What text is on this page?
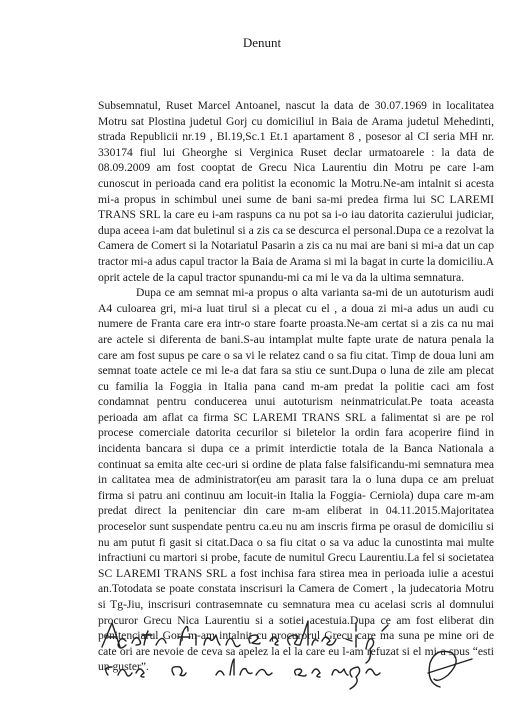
Denunt

Subsemnatul, Ruset Marcel Antoanel, nascut la data de 30.07.1969 in localitatea Motru sat Plostina judetul Gorj cu domiciliul in Baia de Arama judetul Mehedinti, strada Republicii nr.19 , Bl.19,Sc.1 Et.1 apartament 8 , posesor al CI seria MH nr. 330174 fiul lui Gheorghe si Verginica Ruset declar urmatoarele : la data de 08.09.2009 am fost cooptat de Grecu Nica Laurentiu din Motru pe care l-am cunoscut in perioada cand era politist la economic la Motru.Ne-am intalnit si acesta mi-a propus in schimbul unei sume de bani sa-mi predea firma lui SC LAREMI TRANS SRL la care eu i-am raspuns ca nu pot sa i-o iau datorita cazierului judiciar, dupa aceea i-am dat buletinul si a zis ca se descurca el personal.Dupa ce a rezolvat la Camera de Comert si la Notariatul Pasarin a zis ca nu mai are bani si mi-a dat un cap tractor mi-a adus capul tractor la Baia de Arama si mi la bagat in curte la domiciliu.A oprit actele de la capul tractor spunandu-mi ca mi le va da la ultima semnatura.

Dupa ce am semnat mi-a propus o alta varianta sa-mi de un autoturism audi A4 culoarea gri, mi-a luat tirul si a plecat cu el , a doua zi mi-a adus un audi cu numere de Franta care era intr-o stare foarte proasta.Ne-am certat si a zis ca nu mai are actele si diferenta de bani.S-au intamplat multe fapte urate de natura penala la care am fost supus pe care o sa vi le relatez cand o sa fiu citat. Timp de doua luni am semnat toate actele ce mi le-a dat fara sa stiu ce sunt.Dupa o luna de zile am plecat cu familia la Foggia in Italia pana cand m-am predat la politie caci am fost condamnat pentru conducerea unui autoturism neinmatriculat.Pe toata aceasta perioada am aflat ca firma SC LAREMI TRANS SRL a falimentat si are pe rol procese comerciale datorita cecurilor si biletelor la ordin fara acoperire fiind in incidenta bancara si dupa ce a primit interdictie totala de la Banca Nationala a continuat sa emita alte cec-uri si ordine de plata false falsificandu-mi semnatura mea in calitatea mea de administrator(eu am parasit tara la o luna dupa ce am preluat firma si patru ani continuu am locuit-in Italia la Foggia- Cerniola) dupa care m-am predat direct la penitenciar din care m-am eliberat in 04.11.2015.Majoritatea proceselor sunt suspendate pentru ca.eu nu am inscris firma pe orasul de domiciliu si nu am putut fi gasit si citat.Daca o sa fiu citat o sa va aduc la cunostinta mai multe infractiuni cu martori si probe, facute de numitul Grecu Laurentiu.La fel si societatea SC LAREMI TRANS SRL a fost inchisa fara stirea mea in perioada iulie a acestui an.Totodata se poate constata inscrisuri la Camera de Comert , la judecatoria Motru si Tg-Jiu, inscrisuri contrasemnate cu semnatura mea cu acelasi scris al domnului procuror Grecu Nica Laurentiu si a sotiei acestuia.Dupa ce am fost eliberat din penitenciarul Gorj m-am intalnit cu procurorul Grecu care ma suna pe mine ori de cate ori are nevoie de ceva sa apelez la el la care eu l-am refuzat si el mi-a spus “esti un guster”.
